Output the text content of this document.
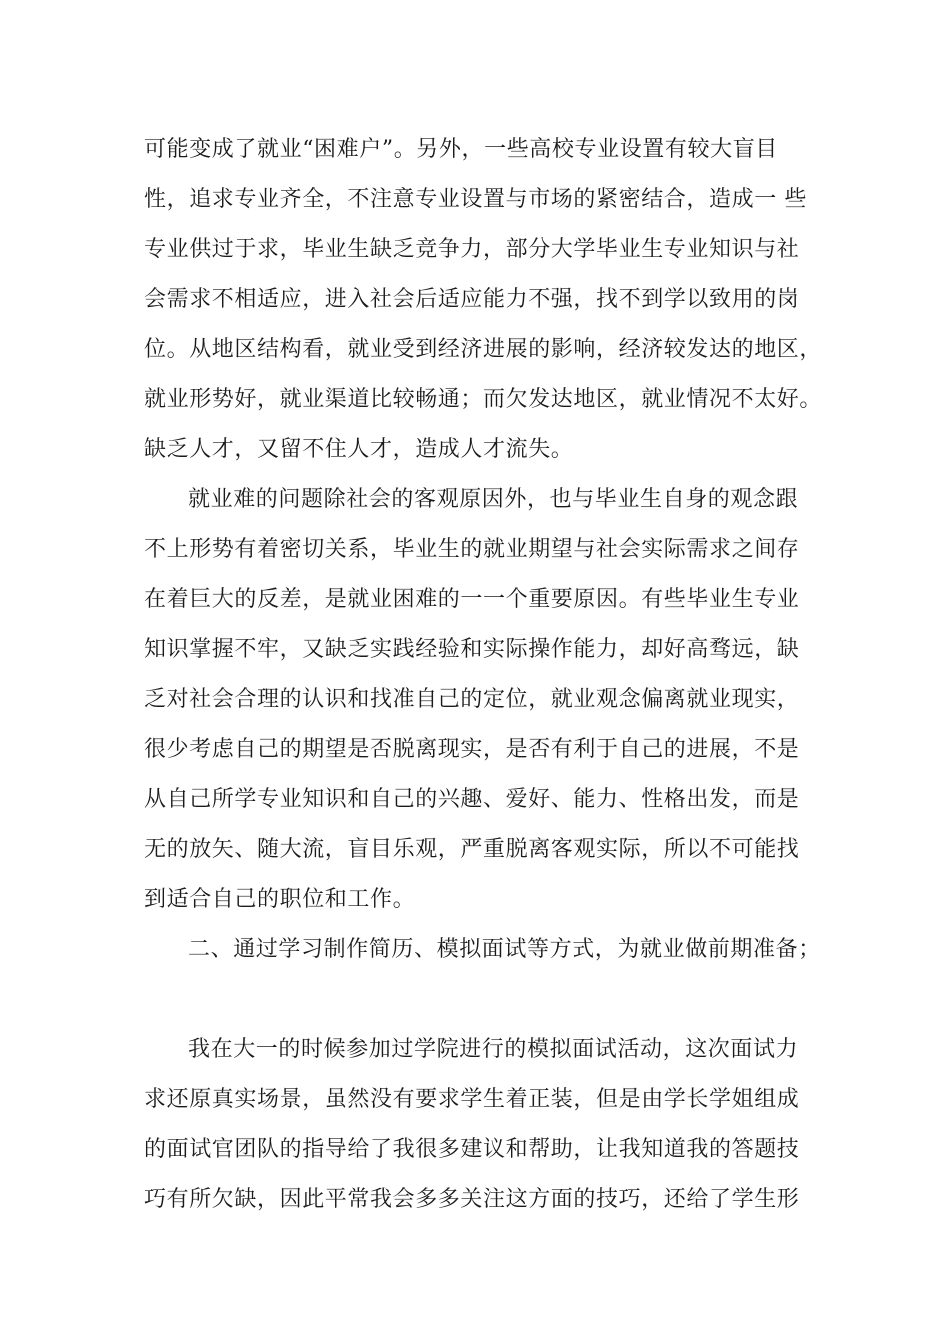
可能变成了就业“困难户”。另外，一些高校专业设置有较大盲目
性，追求专业齐全，不注意专业设置与市场的紧密结合，造成一 些
专业供过于求，毕业生缺乏竞争力，部分大学毕业生专业知识与社
会需求不相适应，进入社会后适应能力不强，找不到学以致用的岗
位。从地区结构看，就业受到经济进展的影响，经济较发达的地区，
就业形势好，就业渠道比较畅通；而欠发达地区，就业情况不太好。
缺乏人才，又留不住人才，造成人才流失。
就业难的问题除社会的客观原因外，也与毕业生自身的观念跟
不上形势有着密切关系，毕业生的就业期望与社会实际需求之间存
在着巨大的反差，是就业困难的一一个重要原因。有些毕业生专业
知识掌握不牢，又缺乏实践经验和实际操作能力，却好高骛远，缺
乏对社会合理的认识和找准自己的定位，就业观念偏离就业现实，
很少考虑自己的期望是否脱离现实，是否有利于自己的进展，不是
从自己所学专业知识和自己的兴趣、爱好、能力、性格出发，而是
无的放矢、随大流，盲目乐观，严重脱离客观实际，所以不可能找
到适合自己的职位和工作。
二、通过学习制作简历、模拟面试等方式，为就业做前期准备；
我在大一的时候参加过学院进行的模拟面试活动，这次面试力
求还原真实场景，虽然没有要求学生着正装，但是由学长学姐组成
的面试官团队的指导给了我很多建议和帮助，让我知道我的答题技
巧有所欠缺，因此平常我会多多关注这方面的技巧，还给了学生形
